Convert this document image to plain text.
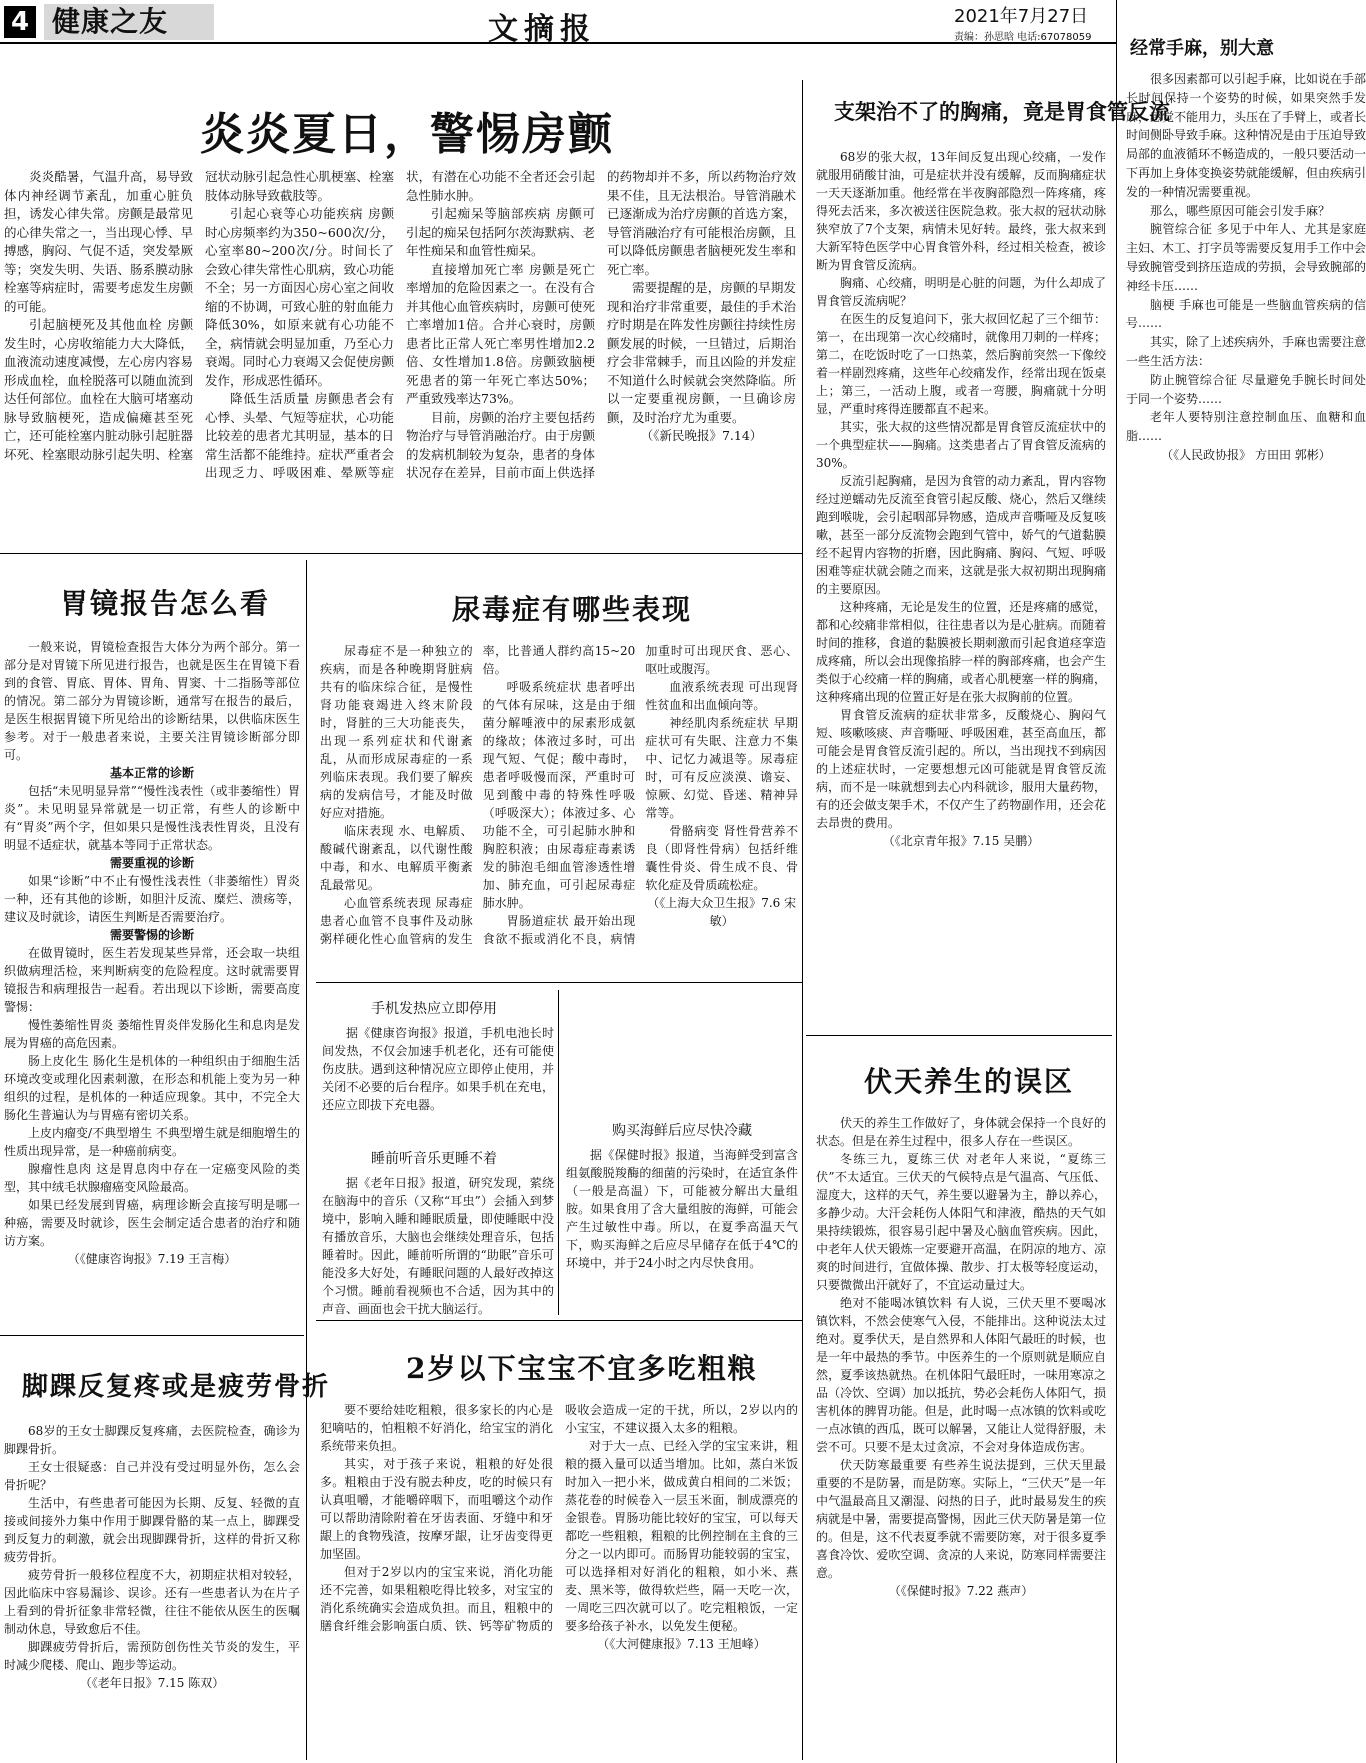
4 健康之友	文摘报	2021年7月27日
责编：孙思晗 电话:67078059
炎炎夏日，警惕房颤

炎炎酷暑，气温升高，易导致体内神经调节紊乱，加重心脏负担，诱发心律失常。房颤是最常见的心律失常之一，当出现心悸、早搏感，胸闷、气促不适，突发晕厥等；突发失明、失语、肠系膜动脉栓塞等病症时，需要考虑发生房颤的可能。

引起脑梗死及其他血栓 房颤发生时，心房收缩能力大大降低，血液流动速度减慢，左心房内容易形成血栓，血栓脱落可以随血流到达任何部位。血栓在大脑可堵塞动脉导致脑梗死，造成偏瘫甚至死亡，还可能栓塞内脏动脉引起脏器坏死、栓塞眼动脉引起失明、栓塞冠状动脉引起急性心肌梗塞、栓塞肢体动脉导致截肢等。

引起心衰等心功能疾病 房颤时心房频率约为350~600次/分，心室率80~200次/分。时间长了会致心律失常性心肌病，致心功能不全；另一方面因心房心室之间收缩的不协调，可致心脏的射血能力降低30%，如原来就有心功能不全，病情就会明显加重，乃至心力衰竭。同时心力衰竭又会促使房颤发作，形成恶性循环。

降低生活质量 房颤患者会有心悸、头晕、气短等症状，心功能比较差的患者尤其明显，基本的日常生活都不能维持。症状严重者会出现乏力、呼吸困难、晕厥等症状，有潜在心功能不全者还会引起急性肺水肿。

引起痴呆等脑部疾病 房颤可引起的痴呆包括阿尔茨海默病、老年性痴呆和血管性痴呆。

直接增加死亡率 房颤是死亡率增加的危险因素之一。在没有合并其他心血管疾病时，房颤可使死亡率增加1倍。合并心衰时，房颤患者比正常人死亡率男性增加2.2倍、女性增加1.8倍。房颤致脑梗死患者的第一年死亡率达50%；严重致残率达73%。

目前，房颤的治疗主要包括药物治疗与导管消融治疗。由于房颤的发病机制较为复杂，患者的身体状况存在差异，目前市面上供选择的药物却并不多，所以药物治疗效果不佳，且无法根治。导管消融术已逐渐成为治疗房颤的首选方案，导管消融治疗有可能根治房颤，且可以降低房颤患者脑梗死发生率和死亡率。

需要提醒的是，房颤的早期发现和治疗非常重要，最佳的手术治疗时期是在阵发性房颤往持续性房颤发展的时候，一旦错过，后期治疗会非常棘手，而且凶险的并发症不知道什么时候就会突然降临。所以一定要重视房颤，一旦确诊房颤，及时治疗尤为重要。

（《新民晚报》7.14）

支架治不了的胸痛，竟是胃食管反流

68岁的张大叔，13年间反复出现心绞痛，一发作就服用硝酸甘油，可是症状并没有缓解，反而胸痛症状一天天逐渐加重。他经常在半夜胸部隐烈一阵疼痛，疼得死去活来，多次被送往医院急救。张大叔的冠状动脉狭窄放了7个支架，病情未见好转。最终，张大叔来到大新军特色医学中心胃食管外科，经过相关检查，被诊断为胃食管反流病。

胸痛、心绞痛，明明是心脏的问题，为什么却成了胃食管反流病呢？

在医生的反复追问下，张大叔回忆起了三个细节：第一，在出现第一次心绞痛时，就像用刀刺的一样疼；第二，在吃饭时吃了一口热菜，然后胸前突然一下像绞着一样剧烈疼痛，这些年心绞痛发作，经常出现在饭桌上；第三，一活动上腹，或者一弯腰，胸痛就十分明显，严重时疼得连腰都直不起来。

其实，张大叔的这些情况都是胃食管反流症状中的一个典型症状——胸痛。这类患者占了胃食管反流病的30%。

反流引起胸痛，是因为食管的动力紊乱，胃内容物经过逆蠕动先反流至食管引起反酸、烧心，然后又继续跑到喉咙，会引起咽部异物感，造成声音嘶哑及反复咳嗽，甚至一部分反流物会跑到气管中，娇气的气道黏膜经不起胃内容物的折磨，因此胸痛、胸闷、气短、呼吸困难等症状就会随之而来，这就是张大叔初期出现胸痛的主要原因。

这种疼痛，无论是发生的位置，还是疼痛的感觉，都和心绞痛非常相似，往往患者以为是心脏病。而随着时间的推移，食道的黏膜被长期刺激而引起食道痉挛造成疼痛，所以会出现像掐脖一样的胸部疼痛，也会产生类似于心绞痛一样的胸痛，或者心肌梗塞一样的胸痛，这种疼痛出现的位置正好是在张大叔胸前的位置。

胃食管反流病的症状非常多，反酸烧心、胸闷气短、咳嗽咳痰、声音嘶哑、呼吸困难，甚至高血压，都可能会是胃食管反流引起的。所以，当出现找不到病因的上述症状时，一定要想想元凶可能就是胃食管反流病，而不是一味就想到去心内科就诊，服用大量药物，有的还会做支架手术，不仅产生了药物副作用，还会花去昂贵的费用。

（《北京青年报》7.15 吴鹏）

胃镜报告怎么看

一般来说，胃镜检查报告大体分为两个部分。第一部分是对胃镜下所见进行报告，也就是医生在胃镜下看到的食管、胃底、胃体、胃角、胃窦、十二指肠等部位的情况。第二部分为胃镜诊断，通常写在报告的最后，是医生根据胃镜下所见给出的诊断结果，以供临床医生参考。对于一般患者来说，主要关注胃镜诊断部分即可。

基本正常的诊断

包括“未见明显异常”“慢性浅表性（或非萎缩性）胃炎”。未见明显异常就是一切正常，有些人的诊断中有“胃炎”两个字，但如果只是慢性浅表性胃炎，且没有明显不适症状，就基本等同于正常状态。

需要重视的诊断

如果“诊断”中不止有慢性浅表性（非萎缩性）胃炎一种，还有其他的诊断，如胆汁反流、糜烂、溃疡等，建议及时就诊，请医生判断是否需要治疗。

需要警惕的诊断

在做胃镜时，医生若发现某些异常，还会取一块组织做病理活检，来判断病变的危险程度。这时就需要胃镜报告和病理报告一起看。若出现以下诊断，需要高度警惕：

慢性萎缩性胃炎 萎缩性胃炎伴发肠化生和息肉是发展为胃癌的高危因素。

肠上皮化生 肠化生是机体的一种组织由于细胞生活环境改变或理化因素刺激，在形态和机能上变为另一种组织的过程，是机体的一种适应现象。其中，不完全大肠化生普遍认为与胃癌有密切关系。

上皮内瘤变/不典型增生 不典型增生就是细胞增生的性质出现异常，是一种癌前病变。

腺瘤性息肉 这是胃息肉中存在一定癌变风险的类型，其中绒毛状腺瘤癌变风险最高。

如果已经发展到胃癌，病理诊断会直接写明是哪一种癌，需要及时就诊，医生会制定适合患者的治疗和随访方案。

（《健康咨询报》7.19 王言梅）

尿毒症有哪些表现

尿毒症不是一种独立的疾病，而是各种晚期肾脏病共有的临床综合征，是慢性肾功能衰竭进入终末阶段时，肾脏的三大功能丧失，出现一系列症状和代谢紊乱，从而形成尿毒症的一系列临床表现。我们要了解疾病的发病信号，才能及时做好应对措施。

临床表现 水、电解质、酸碱代谢紊乱，以代谢性酸中毒，和水、电解质平衡紊乱最常见。

心血管系统表现 尿毒症患者心血管不良事件及动脉粥样硬化性心血管病的发生率，比普通人群约高15~20倍。

呼吸系统症状 患者呼出的气体有尿味，这是由于细菌分解唾液中的尿素形成氨的缘故；体液过多时，可出现气短、气促；酸中毒时，患者呼吸慢而深，严重时可见到酸中毒的特殊性呼吸（呼吸深大）；体液过多、心功能不全，可引起肺水肿和胸腔积液；由尿毒症毒素诱发的肺泡毛细血管渗透性增加、肺充血，可引起尿毒症肺水肿。

胃肠道症状 最开始出现食欲不振或消化不良，病情加重时可出现厌食、恶心、呕吐或腹泻。

血液系统表现 可出现肾性贫血和出血倾向等。

神经肌肉系统症状 早期症状可有失眠、注意力不集中、记忆力减退等。尿毒症时，可有反应淡漠、谵妄、惊厥、幻觉、昏迷、精神异常等。

骨骼病变 肾性骨营养不良（即肾性骨病）包括纤维囊性骨炎、骨生成不良、骨软化症及骨质疏松症。

（《上海大众卫生报》7.6 宋敏）

手机发热应立即停用
据《健康咨询报》报道，手机电池长时间发热，不仅会加速手机老化，还有可能使伤皮肤。遇到这种情况应立即停止使用，并关闭不必要的后台程序。如果手机在充电，还应立即拔下充电器。
睡前听音乐更睡不着
据《老年日报》报道，研究发现，萦绕在脑海中的音乐（又称“耳虫”）会插入到梦境中，影响入睡和睡眠质量，即使睡眠中没有播放音乐，大脑也会继续处理音乐，包括睡着时。因此，睡前听所谓的“助眠”音乐可能没多大好处，有睡眠问题的人最好改掉这个习惯。睡前看视频也不合适，因为其中的声音、画面也会干扰大脑运行。
购买海鲜后应尽快冷藏
据《保健时报》报道，当海鲜受到富含组氨酸脱羧酶的细菌的污染时，在适宜条件（一般是高温）下，可能被分解出大量组胺。如果食用了含大量组胺的海鲜，可能会产生过敏性中毒。所以，在夏季高温天气下，购买海鲜之后应尽早储存在低于4℃的环境中，并于24小时之内尽快食用。
伏天养生的误区

伏天的养生工作做好了，身体就会保持一个良好的状态。但是在养生过程中，很多人存在一些误区。

冬练三九，夏练三伏 对老年人来说，“夏练三伏”不太适宜。三伏天的气候特点是气温高、气压低、湿度大，这样的天气，养生要以避暑为主，静以养心，多静少动。大汗会耗伤人体阳气和津液，酷热的天气如果持续锻炼，很容易引起中暑及心脑血管疾病。因此，中老年人伏天锻炼一定要避开高温，在阴凉的地方、凉爽的时间进行，宜做体操、散步、打太极等轻度运动，只要微微出汗就好了，不宜运动量过大。

绝对不能喝冰镇饮料 有人说，三伏天里不要喝冰镇饮料，不然会使寒气入侵，不能排出。这种说法太过绝对。夏季伏天，是自然界和人体阳气最旺的时候，也是一年中最热的季节。中医养生的一个原则就是顺应自然，夏季该热就热。在机体阳气最旺时，一味用寒凉之品（冷饮、空调）加以抵抗，势必会耗伤人体阳气，损害机体的脾胃功能。但是，此时喝一点冰镇的饮料或吃一点冰镇的西瓜，既可以解暑，又能让人觉得舒服，未尝不可。只要不是太过贪凉，不会对身体造成伤害。

伏天防寒最重要 有些养生说法提到，三伏天里最重要的不是防暑，而是防寒。实际上，“三伏天”是一年中气温最高且又潮湿、闷热的日子，此时最易发生的疾病就是中暑，需要提高警惕，因此三伏天防暑是第一位的。但是，这不代表夏季就不需要防寒，对于很多夏季喜食冷饮、爱吹空调、贪凉的人来说，防寒同样需要注意。

（《保健时报》7.22 燕声）

脚踝反复疼或是疲劳骨折

68岁的王女士脚踝反复疼痛，去医院检查，确诊为脚踝骨折。

王女士很疑惑：自己并没有受过明显外伤，怎么会骨折呢？

生活中，有些患者可能因为长期、反复、轻微的直接或间接外力集中作用于脚踝骨骼的某一点上，脚踝受到反复力的刺激，就会出现脚踝骨折，这样的骨折又称疲劳骨折。

疲劳骨折一般移位程度不大，初期症状相对较轻，因此临床中容易漏诊、误诊。还有一些患者认为在片子上看到的骨折征象非常轻微，往往不能依从医生的医嘱制动休息，导致愈后不佳。

脚踝疲劳骨折后，需预防创伤性关节炎的发生，平时减少爬楼、爬山、跑步等运动。

（《老年日报》7.15 陈双）

2岁以下宝宝不宜多吃粗粮

要不要给娃吃粗粮，很多家长的内心是犯嘀咕的，怕粗粮不好消化，给宝宝的消化系统带来负担。

其实，对于孩子来说，粗粮的好处很多。粗粮由于没有脱去种皮，吃的时候只有认真咀嚼，才能嚼碎咽下，而咀嚼这个动作可以帮助清除附着在牙齿表面、牙缝中和牙龈上的食物残渣，按摩牙龈，让牙齿变得更加坚固。

但对于2岁以内的宝宝来说，消化功能还不完善，如果粗粮吃得比较多，对宝宝的消化系统确实会造成负担。而且，粗粮中的膳食纤维会影响蛋白质、铁、钙等矿物质的吸收会造成一定的干扰，所以，2岁以内的小宝宝，不建议摄入太多的粗粮。

对于大一点、已经入学的宝宝来讲，粗粮的摄入量可以适当增加。比如，蒸白米饭时加入一把小米，做成黄白相间的二米饭；蒸花卷的时候卷入一层玉米面，制成漂亮的金银卷。胃肠功能比较好的宝宝，可以每天都吃一些粗粮，粗粮的比例控制在主食的三分之一以内即可。而肠胃功能较弱的宝宝，可以选择相对好消化的粗粮，如小米、燕麦、黑米等，做得软烂些，隔一天吃一次，一周吃三四次就可以了。吃完粗粮饭，一定要多给孩子补水，以免发生便秘。

（《大河健康报》7.13 王旭峰）

经常手麻，别大意

很多因素都可以引起手麻，比如说在手部长时间保持一个姿势的时候，如果突然手发麻，感觉不能用力，头压在了手臂上，或者长时间侧卧导致手麻。这种情况是由于压迫导致局部的血液循环不畅造成的，一般只要活动一下再加上身体变换姿势就能缓解，但由疾病引发的一种情况需要重视。

那么，哪些原因可能会引发手麻？

腕管综合征 多见于中年人、尤其是家庭主妇、木工、打字员等需要反复用手工作中会导致腕管受到挤压造成的劳损，会导致腕部的神经卡压……

脑梗 手麻也可能是一些脑血管疾病的信号……

其实，除了上述疾病外，手麻也需要注意一些生活方法：

防止腕管综合征 尽量避免手腕长时间处于同一个姿势……

老年人要特别注意控制血压、血糖和血脂……

（《人民政协报》 方田田 郭彬）
